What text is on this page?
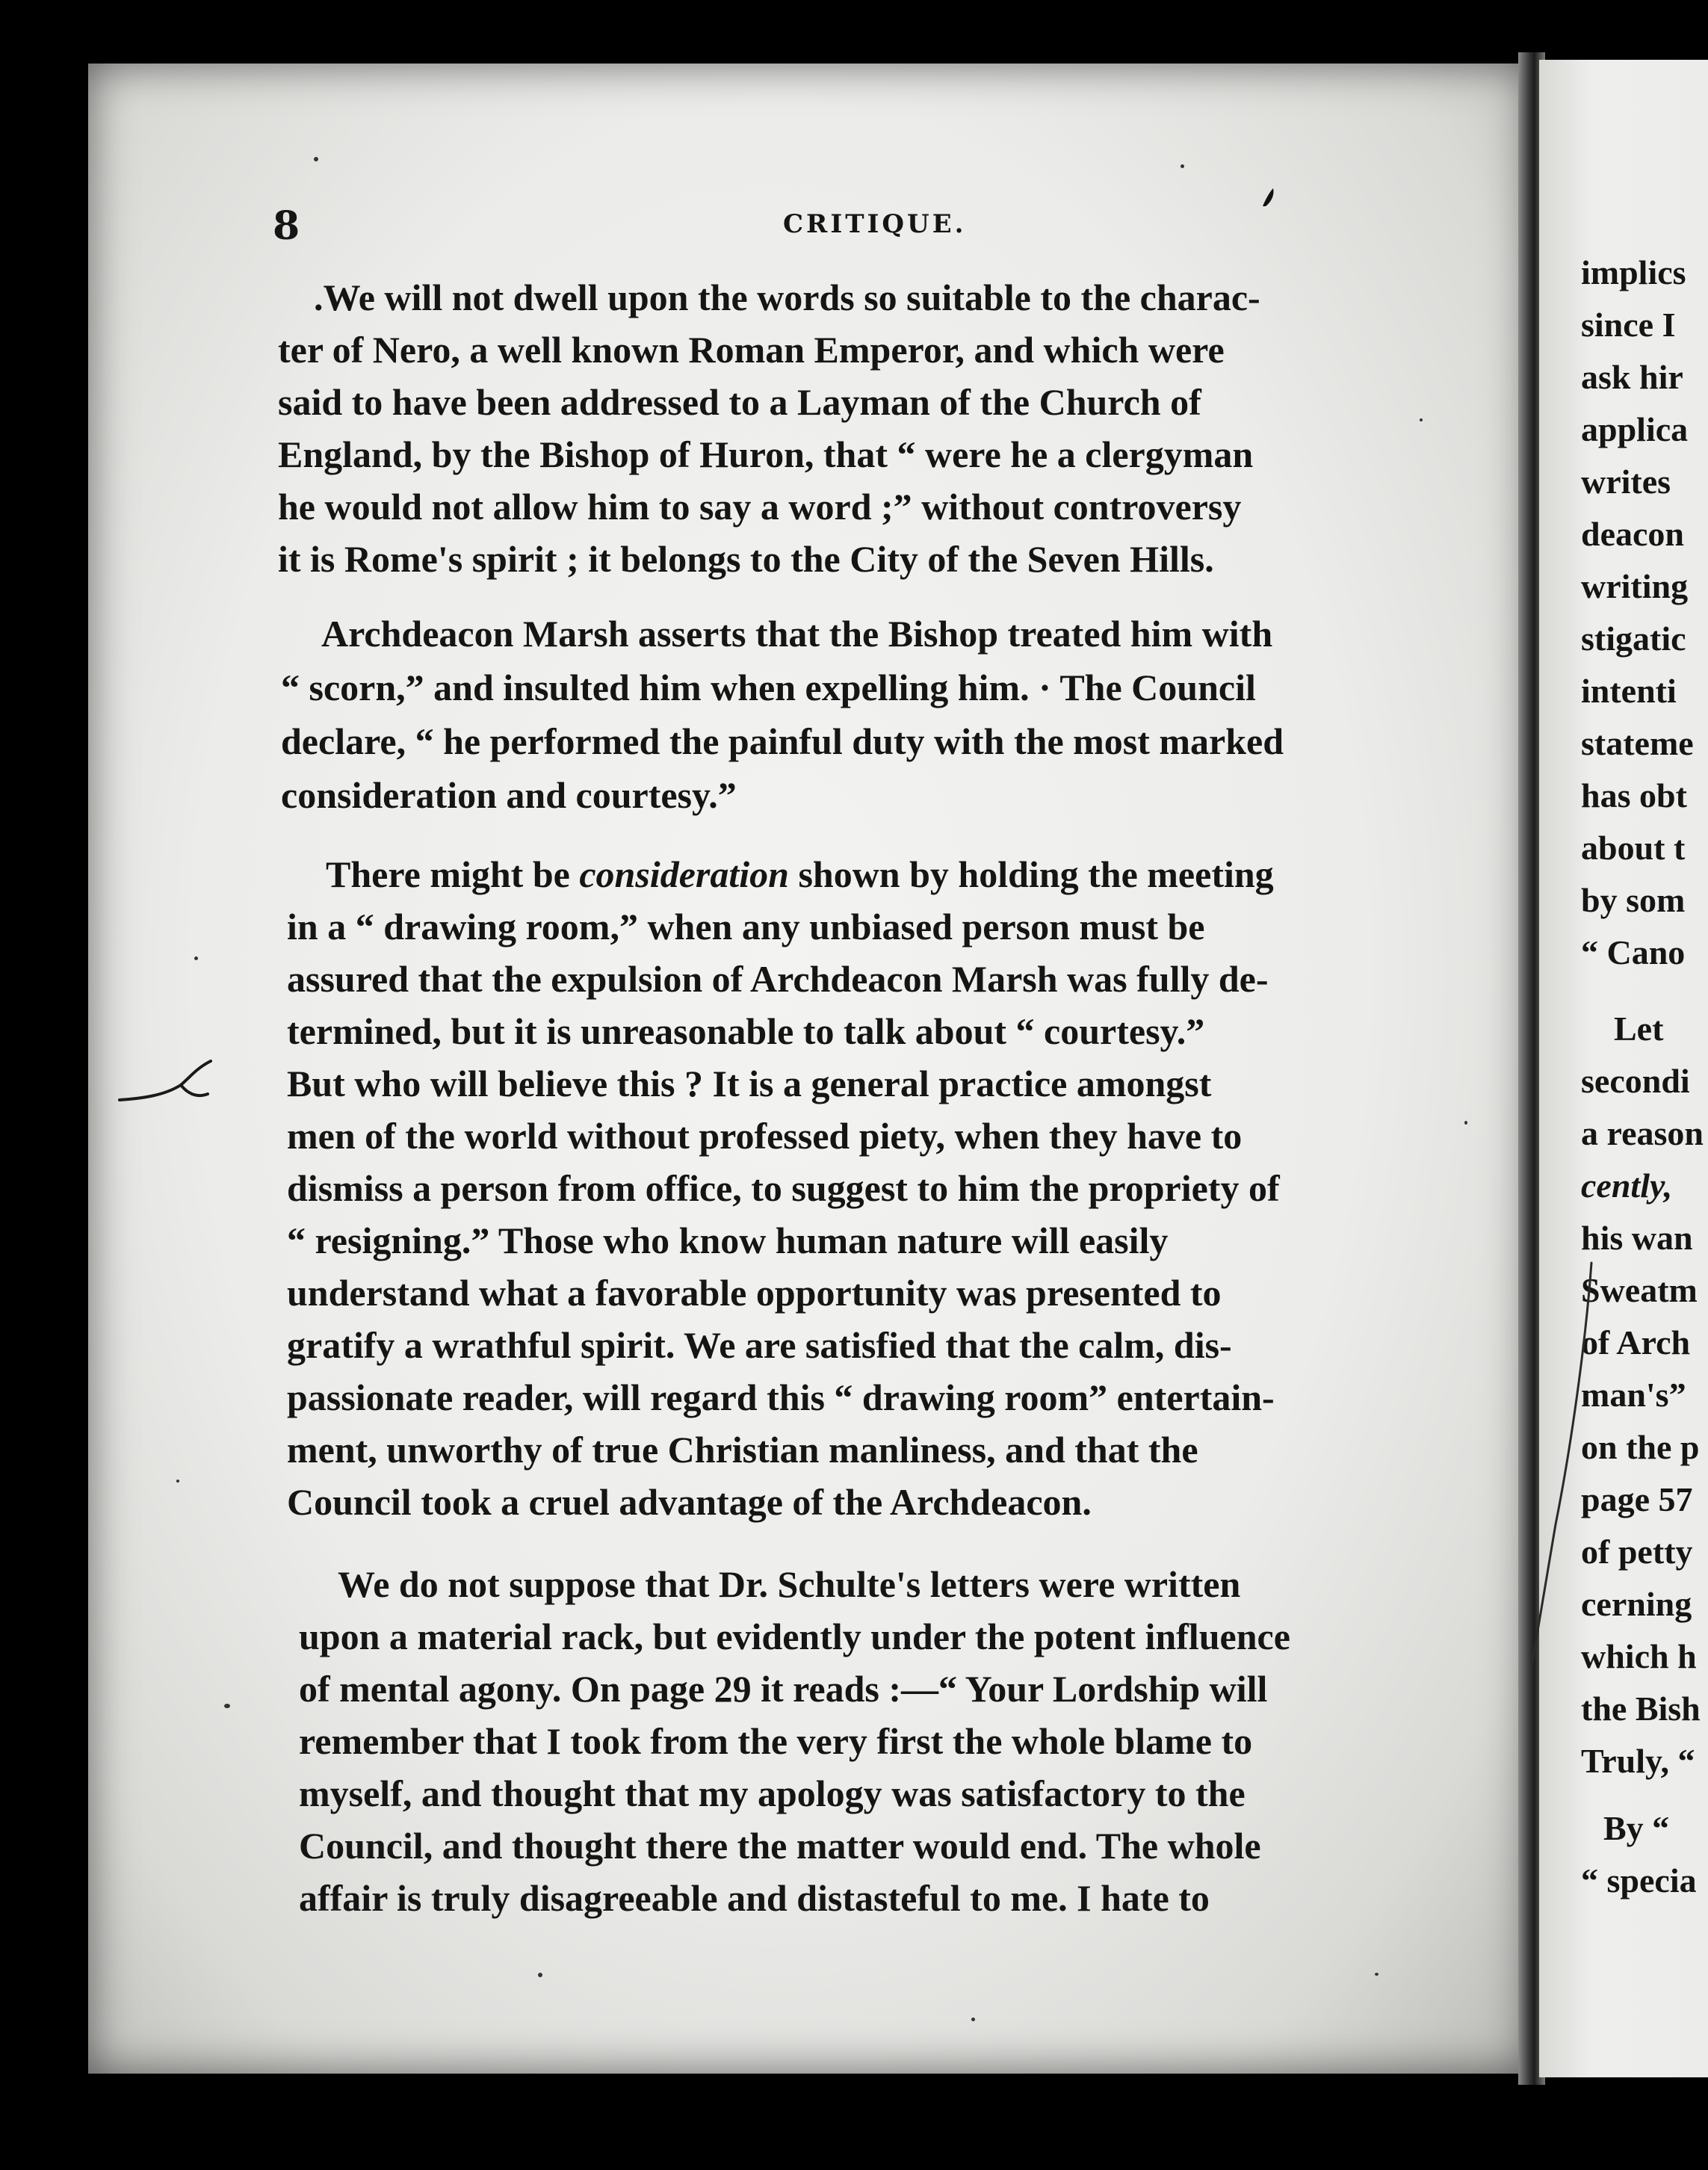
8	CRITIQUE.
.We will not dwell upon the words so suitable to the charac-
ter of Nero, a well known Roman Emperor, and which were
said to have been addressed to a Layman of the Church of
England, by the Bishop of Huron, that “ were he a clergyman
he would not allow him to say a word ;” without controversy
it is Rome's spirit ; it belongs to the City of the Seven Hills.
Archdeacon Marsh asserts that the Bishop treated him with
“ scorn,” and insulted him when expelling him. · The Council
declare, “ he performed the painful duty with the most marked
consideration and courtesy.”
There might be consideration shown by holding the meeting
in a “ drawing room,” when any unbiased person must be
assured that the expulsion of Archdeacon Marsh was fully de-
termined, but it is unreasonable to talk about “ courtesy.”
But who will believe this ? It is a general practice amongst
men of the world without professed piety, when they have to
dismiss a person from office, to suggest to him the propriety of
“ resigning.” Those who know human nature will easily
understand what a favorable opportunity was presented to
gratify a wrathful spirit. We are satisfied that the calm, dis-
passionate reader, will regard this “ drawing room” entertain-
ment, unworthy of true Christian manliness, and that the
Council took a cruel advantage of the Archdeacon.
We do not suppose that Dr. Schulte's letters were written
upon a material rack, but evidently under the potent influence
of mental agony. On page 29 it reads :—“ Your Lordship will
remember that I took from the very first the whole blame to
myself, and thought that my apology was satisfactory to the
Council, and thought there the matter would end. The whole
affair is truly disagreeable and distasteful to me. I hate to
implics
since I
ask hir
applica
writes
deacon
writing
stigatic
intenti
stateme
has obt
about t
by som
“ Cano
Let
secondi
a reason
cently,
his wan
Sweatm
of Arch
man's”
on the p
page 57
of petty
cerning
which h
the Bish
Truly, “
By “
“ specia
